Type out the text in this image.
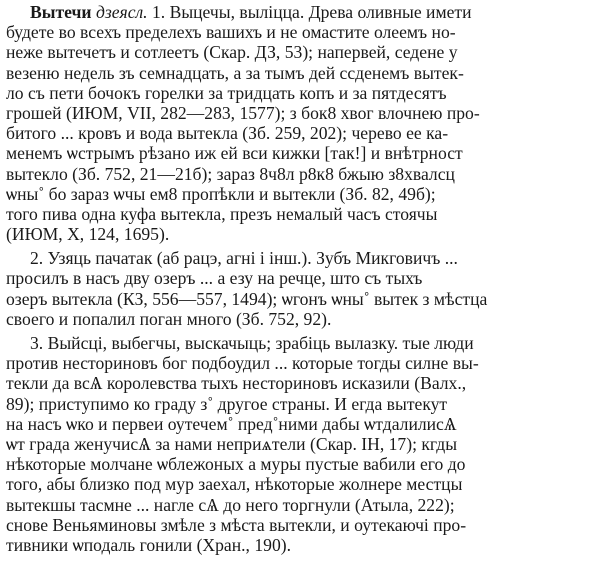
Вытечи дзеясл. 1. Выцечы, выліцца. Древа оливные имети
будете во всехъ пределехъ вашихъ и не омастите олеемъ но-
неже вытечетъ и сотлеетъ (Скар. ДЗ, 53); напервей, седене у
везеню недель зъ семнадцать, а за тымъ дей ссденемъ вытек-
ло съ пети бочокъ горелки за тридцать копъ и за пятдесятъ
грошей (ИЮМ, VII, 282—283, 1577); з бок8 хвог влочнею про-
битого ... кровъ и вода вытекла (Зб. 259, 202); черево ее ка-
менемъ ѡстрымъ рѣзано иж ей вси кижки [так!] и внѣтрност
вытекло (Зб. 752, 21—21б); зараз 8ч8л р8к8 бжыю з8хвалсц
ѡны˚ бо зараз ѡчы ем8 пропѣкли и вытекли (Зб. 82, 49б);
того пива одна куфа вытекла, презъ немалый часъ стоячы
(ИЮМ, X, 124, 1695).
2. Узяць пачатак (аб рацэ, агні і інш.). Зубъ Микговичъ ...
просилъ в насъ дву озеръ ... а езу на речце, што съ тыхъ
озеръ вытекла (КЗ, 556—557, 1494); ѡгонъ ѡны˚ вытек з мѣстца
своего и попалил поган много (Зб. 752, 92).
3. Выйсці, выбегчы, выскачыць; зрабіць вылазку. тые люди
против несториновъ бог подбоудил ... которые тогды силне вы-
текли да всѦ королевства тыхъ несториновъ исказили (Валх.,
89); приступимо ко граду з˚ другое страны. И егда вытекут
на насъ ѡко и первеи оутечем˚ пред˚ними дабы ѡтдалилисѦ
ѡт града женучисѦ за нами неприѧтели (Скар. IН, 17); кгды
нѣкоторые молчане ѡблежоных а муры пустые вабили его до
того, абы близко под мур заехал, нѣкоторые жолнере местцы
вытекшы тасмне ... нагле сѦ до него торгнули (Атыла, 222);
снове Веньяминовы змѣле з мѣста вытекли, и оутекаючі про-
тивники ѡподаль гонили (Хран., 190).
